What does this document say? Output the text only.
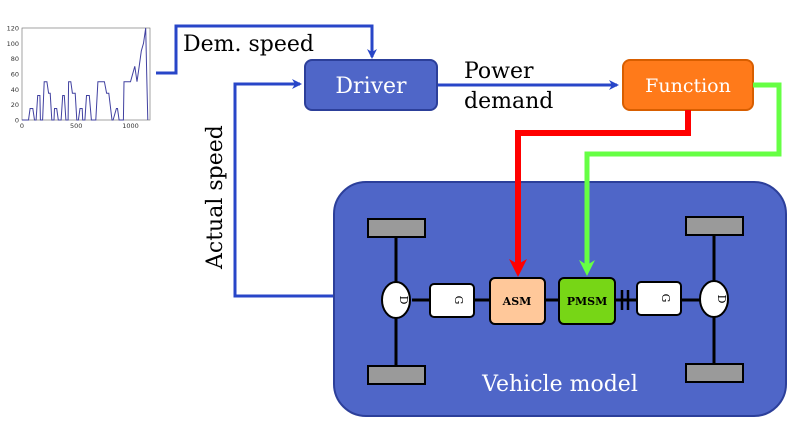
0
20
40
60
80
100
120
0	500	1000
Dem. speed
Power
demand
Actual speed
Driver	Function
Vehicle model
D	G	ASM	PMSM	G	D
